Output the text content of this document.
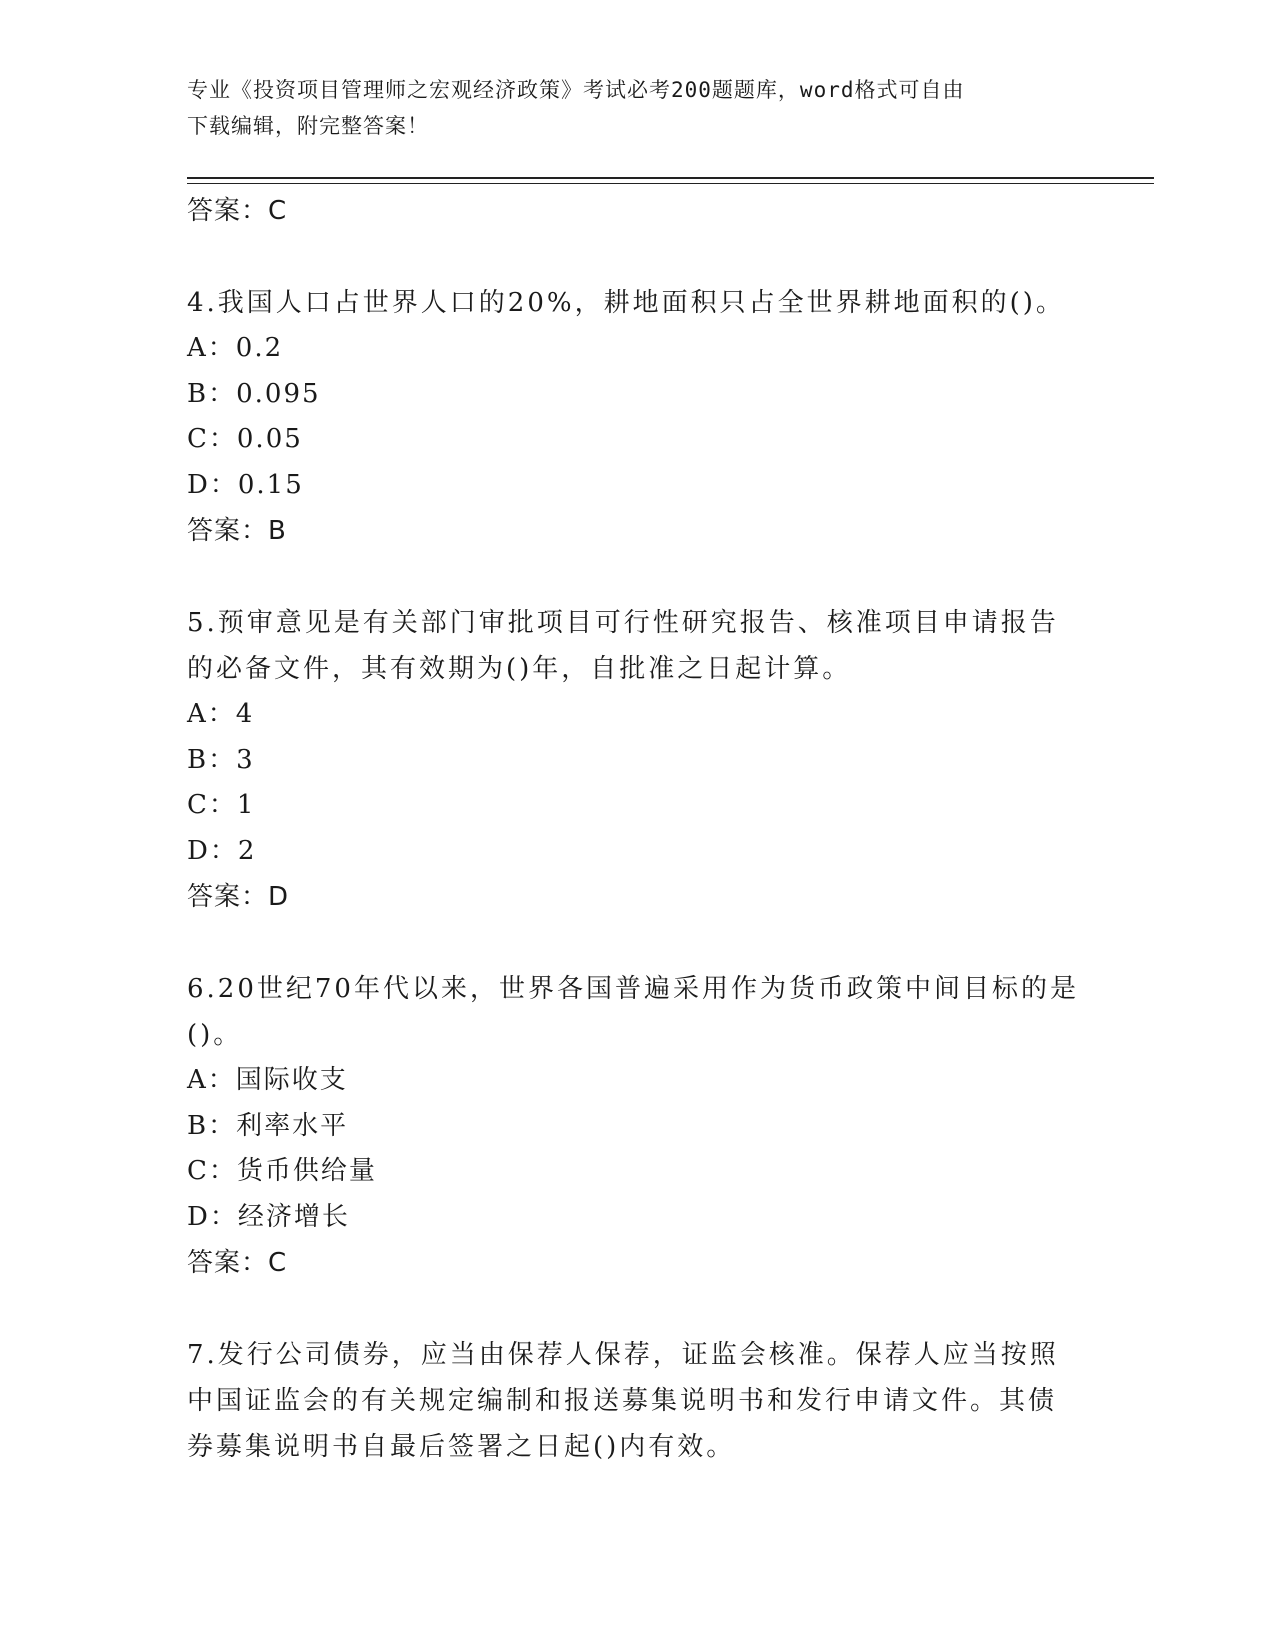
专业《投资项目管理师之宏观经济政策》考试必考200题题库，word格式可自由
下载编辑，附完整答案！
答案：C

4.我国人口占世界人口的20%，耕地面积只占全世界耕地面积的()。

A：0.2
B：0.095
C：0.05
D：0.15
答案：B

5.预审意见是有关部门审批项目可行性研究报告、核准项目申请报告

的必备文件，其有效期为()年，自批准之日起计算。

A：4
B：3
C：1
D：2
答案：D

6.20世纪70年代以来，世界各国普遍采用作为货币政策中间目标的是

()。

A：国际收支
B：利率水平
C：货币供给量
D：经济增长
答案：C

7.发行公司债券，应当由保荐人保荐，证监会核准。保荐人应当按照

中国证监会的有关规定编制和报送募集说明书和发行申请文件。其债

券募集说明书自最后签署之日起()内有效。
